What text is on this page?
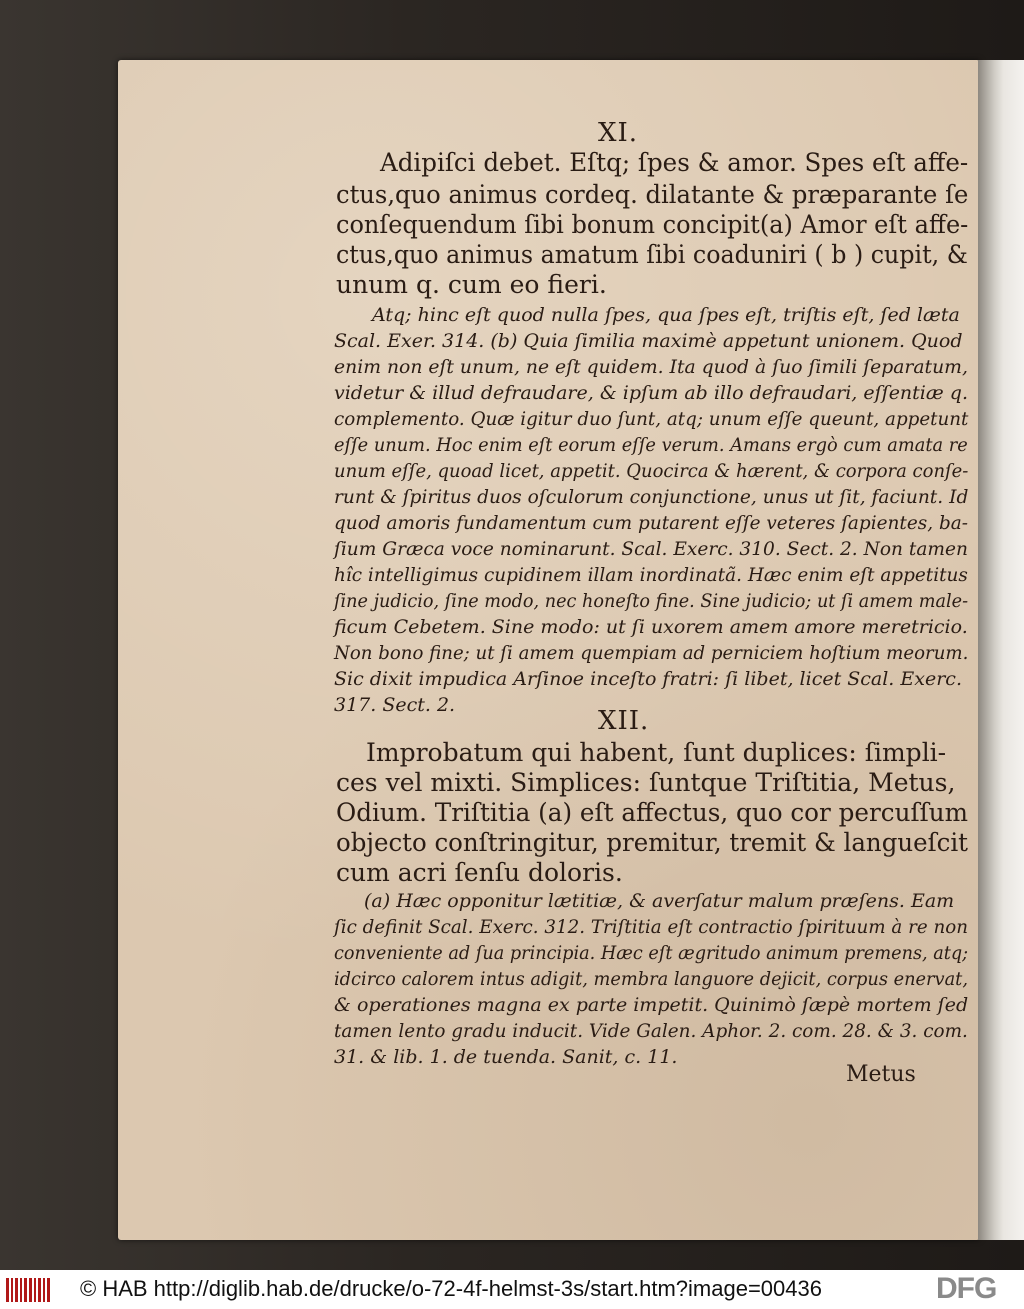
XI.
Adipiſci debet. Eſtq; ſpes & amor. Spes eſt affe-
ctus,quo animus cordeq. dilatante & præparante ſe
conſequendum ſibi bonum concipit(a) Amor eſt affe-
ctus,quo animus amatum ſibi coaduniri ( b ) cupit, &
unum q. cum eo fieri.
Atq; hinc eſt quod nulla ſpes, qua ſpes eſt, triſtis eſt, ſed læta
Scal. Exer. 314. (b) Quia ſimilia maximè appetunt unionem. Quod
enim non eſt unum, ne eſt quidem. Ita quod à ſuo ſimili ſeparatum,
videtur & illud defraudare, & ipſum ab illo defraudari, eſſentiæ q.
complemento. Quæ igitur duo ſunt, atq; unum eſſe queunt, appetunt
eſſe unum. Hoc enim eſt eorum eſſe verum. Amans ergò cum amata re
unum eſſe, quoad licet, appetit. Quocirca & hærent, & corpora conſe-
runt & ſpiritus duos oſculorum conjunctione, unus ut ſit, faciunt. Id
quod amoris fundamentum cum putarent eſſe veteres ſapientes, ba-
ſium Græca voce nominarunt. Scal. Exerc. 310. Sect. 2. Non tamen
hîc intelligimus cupidinem illam inordinatã. Hæc enim eſt appetitus
ſine judicio, ſine modo, nec honeſto fine. Sine judicio; ut ſi amem male-
ficum Cebetem. Sine modo: ut ſi uxorem amem amore meretricio.
Non bono fine; ut ſi amem quempiam ad perniciem hoſtium meorum.
Sic dixit impudica Arſinoe inceſto fratri: ſi libet, licet Scal. Exerc.
317. Sect. 2.
XII.
Improbatum qui habent, ſunt duplices: ſimpli-
ces vel mixti. Simplices: ſuntque Triſtitia, Metus,
Odium. Triſtitia (a) eſt affectus, quo cor percuſſum
objecto conſtringitur, premitur, tremit & langueſcit
cum acri ſenſu doloris.
(a) Hæc opponitur lætitiæ, & averſatur malum præſens. Eam
ſic definit Scal. Exerc. 312. Triſtitia eſt contractio ſpirituum à re non
conveniente ad ſua principia. Hæc eſt ægritudo animum premens, atq;
idcirco calorem intus adigit, membra languore dejicit, corpus enervat,
& operationes magna ex parte impetit. Quinimò ſæpè mortem ſed
tamen lento gradu inducit. Vide Galen. Aphor. 2. com. 28. & 3. com.
31. & lib. 1. de tuenda. Sanit, c. 11.
Metus
© HAB http://diglib.hab.de/drucke/o-72-4f-helmst-3s/start.htm?image=00436	DFG
